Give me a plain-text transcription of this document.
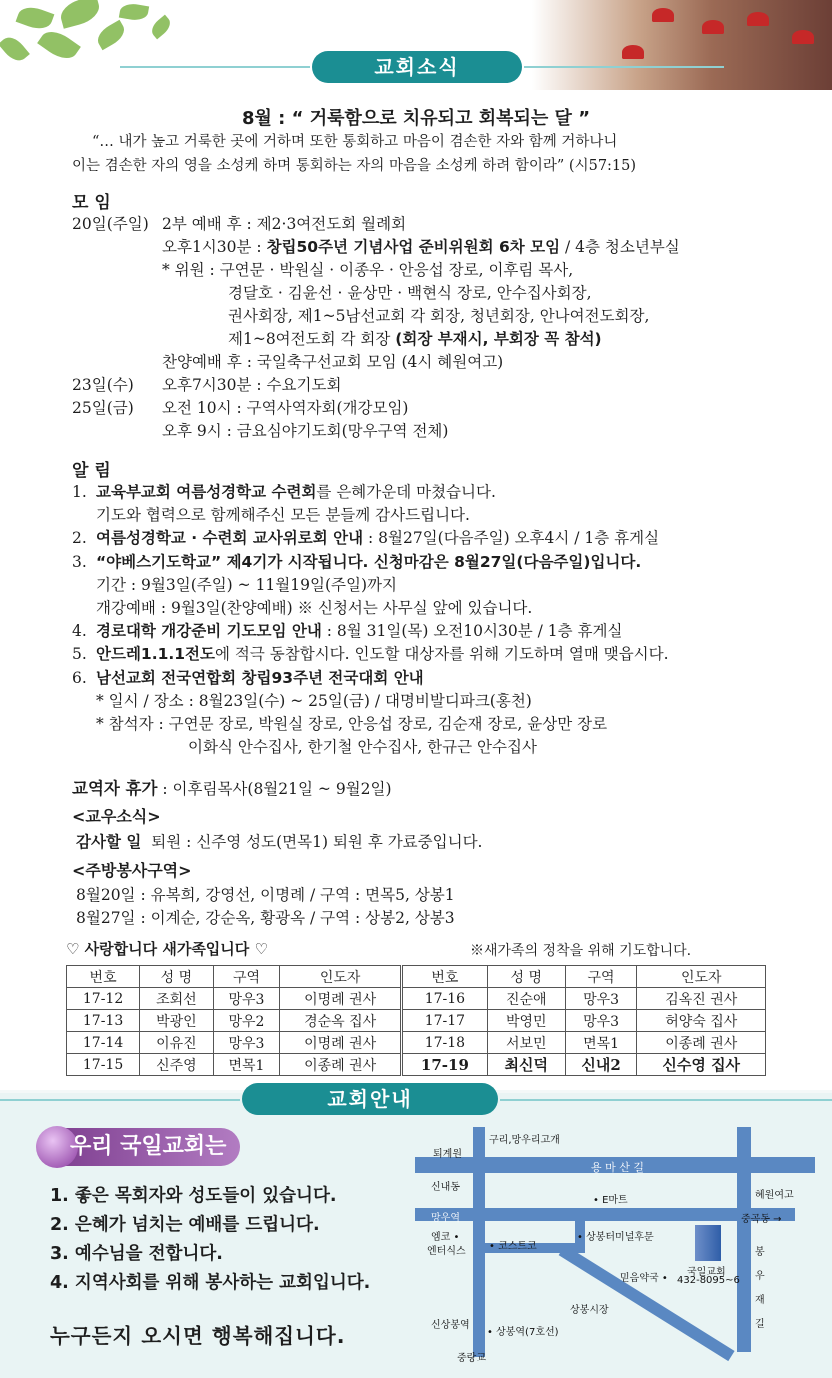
교회소식
8월 : “ 거룩함으로 치유되고 회복되는 달 ”
“… 내가 높고 거룩한 곳에 거하며 또한 통회하고 마음이 겸손한 자와 함께 거하나니
이는 겸손한 자의 영을 소성케 하며 통회하는 자의 마음을 소성케 하려 함이라” (시57:15)
모 임
20일(주일) 2부 예배 후 : 제2·3여전도회 월례회
오후1시30분 : 창립50주년 기념사업 준비위원회 6차 모임 / 4층 청소년부실
* 위원 : 구연문 · 박원실 · 이종우 · 안응섭 장로, 이후림 목사,
경달호 · 김윤선 · 윤상만 · 백현식 장로, 안수집사회장,
권사회장, 제1~5남선교회 각 회장, 청년회장, 안나여전도회장,
제1~8여전도회 각 회장 (회장 부재시, 부회장 꼭 참석)
찬양예배 후 : 국일축구선교회 모임 (4시 혜원여고)
23일(수) 오후7시30분 : 수요기도회
25일(금) 오전 10시 : 구역사역자회(개강모임)
오후 9시 : 금요심야기도회(망우구역 전체)
알 림
1. 교육부교회 여름성경학교 수련회를 은혜가운데 마쳤습니다.
기도와 협력으로 함께해주신 모든 분들께 감사드립니다.
2. 여름성경학교 · 수련회 교사위로회 안내 : 8월27일(다음주일) 오후4시 / 1층 휴게실
3. “야베스기도학교” 제4기가 시작됩니다. 신청마감은 8월27일(다음주일)입니다.
기간 : 9월3일(주일) ~ 11월19일(주일)까지
개강예배 : 9월3일(찬양예배) ※ 신청서는 사무실 앞에 있습니다.
4. 경로대학 개강준비 기도모임 안내 : 8월 31일(목) 오전10시30분 / 1층 휴게실
5. 안드레1.1.1전도에 적극 동참합시다. 인도할 대상자를 위해 기도하며 열매 맺읍시다.
6. 남선교회 전국연합회 창립93주년 전국대회 안내
* 일시 / 장소 : 8월23일(수) ~ 25일(금) / 대명비발디파크(홍천)
* 참석자 : 구연문 장로, 박원실 장로, 안응섭 장로, 김순재 장로, 윤상만 장로
이화식 안수집사, 한기철 안수집사, 한규근 안수집사
교역자 휴가 : 이후림목사(8월21일 ~ 9월2일)
<교우소식>
감사할 일 퇴원 : 신주영 성도(면목1) 퇴원 후 가료중입니다.
<주방봉사구역>
8월20일 : 유복희, 강영선, 이명례 / 구역 : 면목5, 상봉1
8월27일 : 이계순, 강순옥, 황광옥 / 구역 : 상봉2, 상봉3
♡ 사랑합니다 새가족입니다 ♡	※새가족의 정착을 위해 기도합니다.
번호	성 명	구역	인도자	번호	성 명	구역	인도자
17-12	조회선	망우3	이명례 권사	17-16	진순애	망우3	김옥진 권사
17-13	박광인	망우2	경순옥 집사	17-17	박영민	망우3	허양숙 집사
17-14	이유진	망우3	이명례 권사	17-18	서보민	면목1	이종례 권사
17-15	신주영	면목1	이종례 권사	17-19	최신덕	신내2	신수영 집사
교회안내
우리 국일교회는
1. 좋은 목회자와 성도들이 있습니다.
2. 은혜가 넘치는 예배를 드립니다.
3. 예수님을 전합니다.
4. 지역사회를 위해 봉사하는 교회입니다.
누구든지 오시면 행복해집니다.
퇴계원
구리,망우리고개
용 마 산 길
신내동
• E마트	혜원여고
망우역	중곡동 →
엠코 •
엔터식스 • 코스트코
• 상봉터미널후문
국일교회
432-8095~6
믿음약국 •
봉
우
재
길
상봉시장
신상봉역
• 상봉역(7호선)
중랑교
